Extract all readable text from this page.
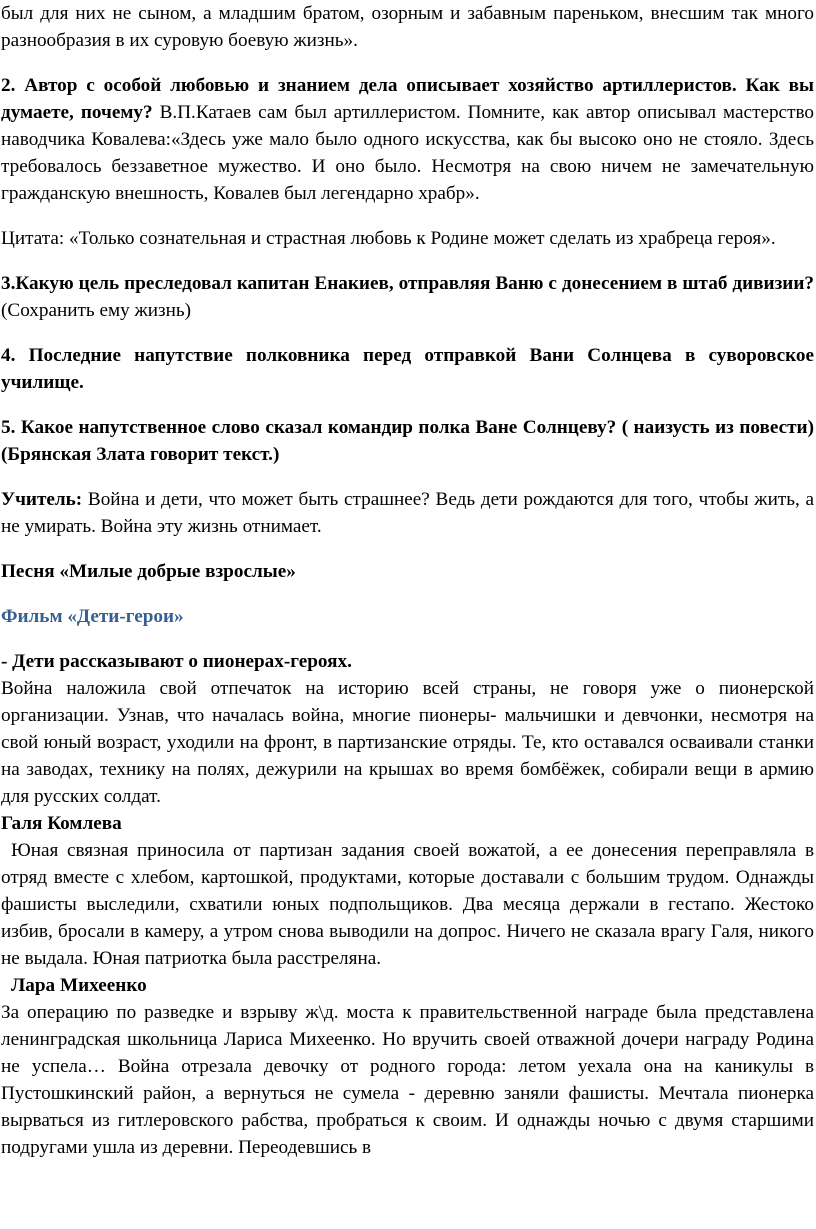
был для них не сыном, а младшим братом, озорным и забавным пареньком, внесшим так много разнообразия в их суровую боевую жизнь».

2. Автор с особой любовью и знанием дела описывает хозяйство артиллеристов. Как вы думаете, почему? В.П.Катаев сам был артиллеристом. Помните, как автор описывал мастерство наводчика Ковалева:«Здесь уже мало было одного искусства, как бы высоко оно не стояло. Здесь требовалось беззаветное мужество. И оно было. Несмотря на свою ничем не замечательную гражданскую внешность, Ковалев был легендарно храбр».

Цитата: «Только сознательная и страстная любовь к Родине может сделать из храбреца героя».

3.Какую цель преследовал капитан Енакиев, отправляя Ваню с донесением в штаб дивизии?(Сохранить ему жизнь)

4. Последние напутствие полковника перед отправкой Вани Солнцева в суворовское училище.

5. Какое напутственное слово сказал командир полка Ване Солнцеву? ( наизусть из повести)(Брянская Злата говорит текст.)

Учитель: Война и дети, что может быть страшнее? Ведь дети рождаются для того, чтобы жить, а не умирать. Война эту жизнь отнимает.

Песня «Милые добрые взрослые»

Фильм «Дети-герои»

- Дети рассказывают о пионерах-героях.

Война наложила свой отпечаток на историю всей страны, не говоря уже о пионерской организации. Узнав, что началась война, многие пионеры- мальчишки и девчонки, несмотря на свой юный возраст, уходили на фронт, в партизанские отряды. Те, кто оставался осваивали станки на заводах, технику на полях, дежурили на крышах во время бомбёжек, собирали вещи в армию для русских солдат.

Галя Комлева

Юная связная приносила от партизан задания своей вожатой, а ее донесения переправляла в отряд вместе с хлебом, картошкой, продуктами, которые доставали с большим трудом. Однажды фашисты выследили, схватили юных подпольщиков. Два месяца держали в гестапо. Жестоко избив, бросали в камеру, а утром снова выводили на допрос. Ничего не сказала врагу Галя, никого не выдала. Юная патриотка была расстреляна.

Лара Михеенко

За операцию по разведке и взрыву ж\д. моста к правительственной награде была представлена ленинградская школьница Лариса Михеенко. Но вручить своей отважной дочери награду Родина не успела… Война отрезала девочку от родного города: летом уехала она на каникулы в Пустошкинский район, а вернуться не сумела - деревню заняли фашисты. Мечтала пионерка вырваться из гитлеровского рабства, пробраться к своим. И однажды ночью с двумя старшими подругами ушла из деревни. Переодевшись в
